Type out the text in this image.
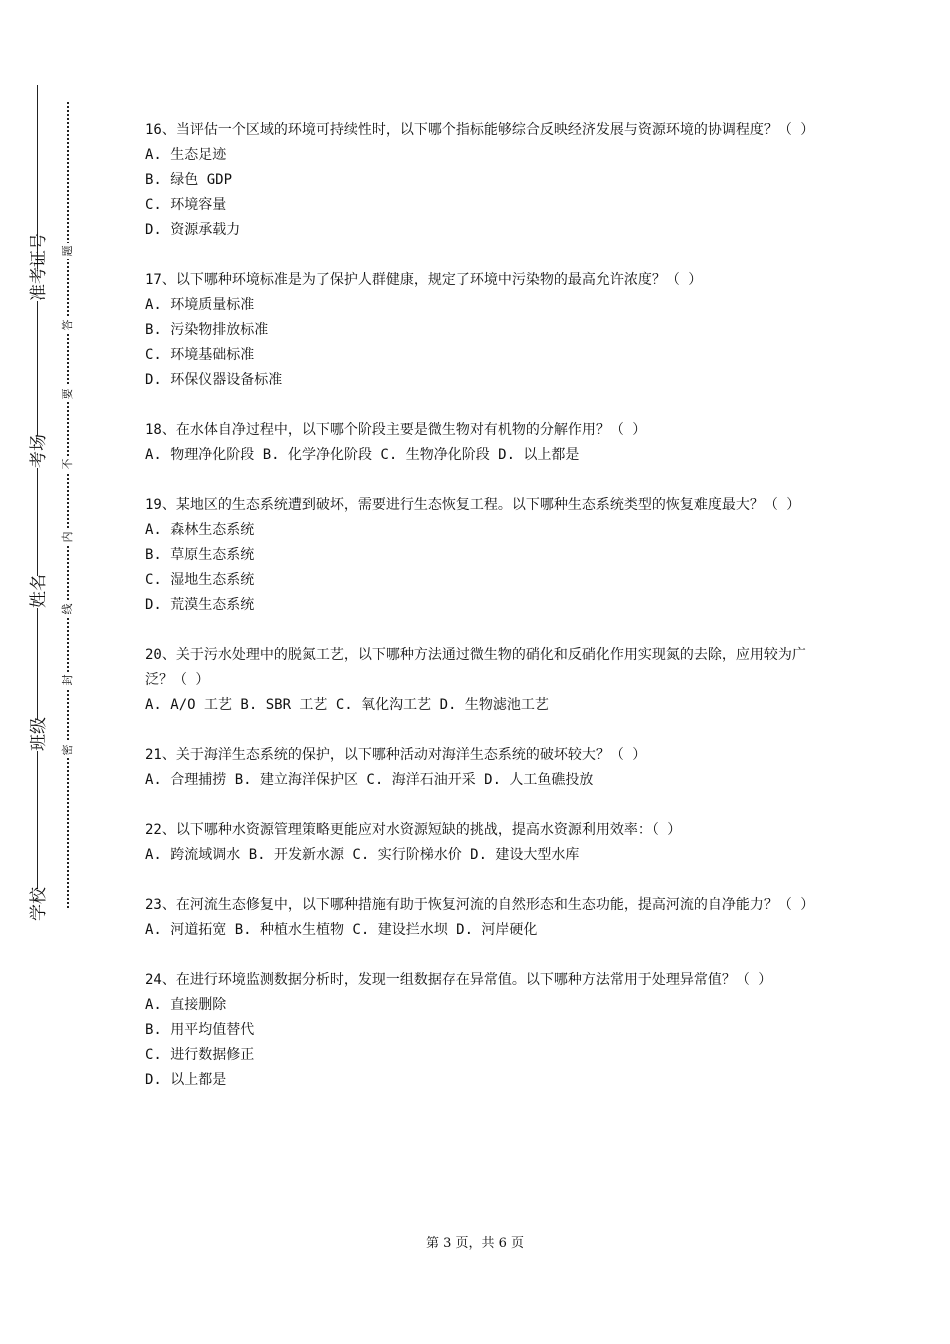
准考证号
考场
姓名
班级
学校
题
答
要
不
内
线
封
密

16、当评估一个区域的环境可持续性时，以下哪个指标能够综合反映经济发展与资源环境的协调程度？（ ）

A. 生态足迹

B. 绿色 GDP

C. 环境容量

D. 资源承载力

17、以下哪种环境标准是为了保护人群健康，规定了环境中污染物的最高允许浓度？（ ）

A. 环境质量标准

B. 污染物排放标准

C. 环境基础标准

D. 环保仪器设备标准

18、在水体自净过程中，以下哪个阶段主要是微生物对有机物的分解作用？（ ）

A. 物理净化阶段 B. 化学净化阶段 C. 生物净化阶段 D. 以上都是

19、某地区的生态系统遭到破坏，需要进行生态恢复工程。以下哪种生态系统类型的恢复难度最大？（ ）

A. 森林生态系统

B. 草原生态系统

C. 湿地生态系统

D. 荒漠生态系统

20、关于污水处理中的脱氮工艺，以下哪种方法通过微生物的硝化和反硝化作用实现氮的去除，应用较为广泛？（ ）

A. A/O 工艺 B. SBR 工艺 C. 氧化沟工艺 D. 生物滤池工艺

21、关于海洋生态系统的保护，以下哪种活动对海洋生态系统的破坏较大？（ ）

A. 合理捕捞 B. 建立海洋保护区 C. 海洋石油开采 D. 人工鱼礁投放

22、以下哪种水资源管理策略更能应对水资源短缺的挑战，提高水资源利用效率：（ ）

A. 跨流域调水 B. 开发新水源 C. 实行阶梯水价 D. 建设大型水库

23、在河流生态修复中，以下哪种措施有助于恢复河流的自然形态和生态功能，提高河流的自净能力？（ ）

A. 河道拓宽 B. 种植水生植物 C. 建设拦水坝 D. 河岸硬化

24、在进行环境监测数据分析时，发现一组数据存在异常值。以下哪种方法常用于处理异常值？（ ）

A. 直接删除

B. 用平均值替代

C. 进行数据修正

D. 以上都是

第 3 页，共 6 页
